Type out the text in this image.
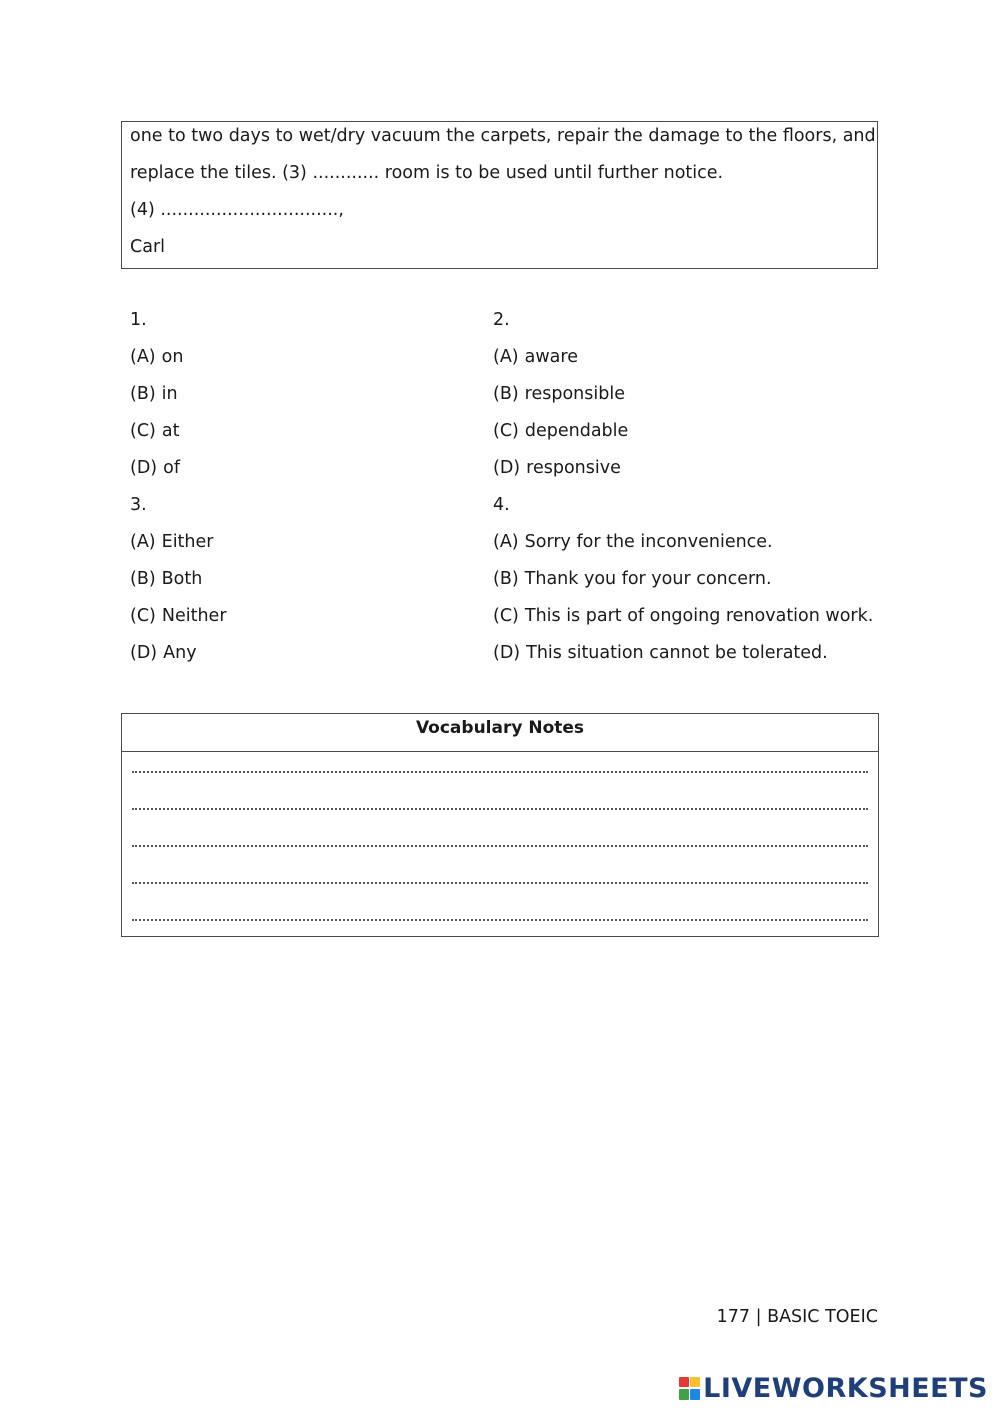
one to two days to wet/dry vacuum the carpets, repair the damage to the floors, and
replace the tiles. (3) ............ room is to be used until further notice.
(4) ................................,
Carl
1.	2.
(A) on	(A) aware
(B) in	(B) responsible
(C) at	(C) dependable
(D) of	(D) responsive
3.	4.
(A) Either	(A) Sorry for the inconvenience.
(B) Both	(B) Thank you for your concern.
(C) Neither	(C) This is part of ongoing renovation work.
(D) Any	(D) This situation cannot be tolerated.
Vocabulary Notes
177 | BASIC TOEIC
LIVEWORKSHEETS
